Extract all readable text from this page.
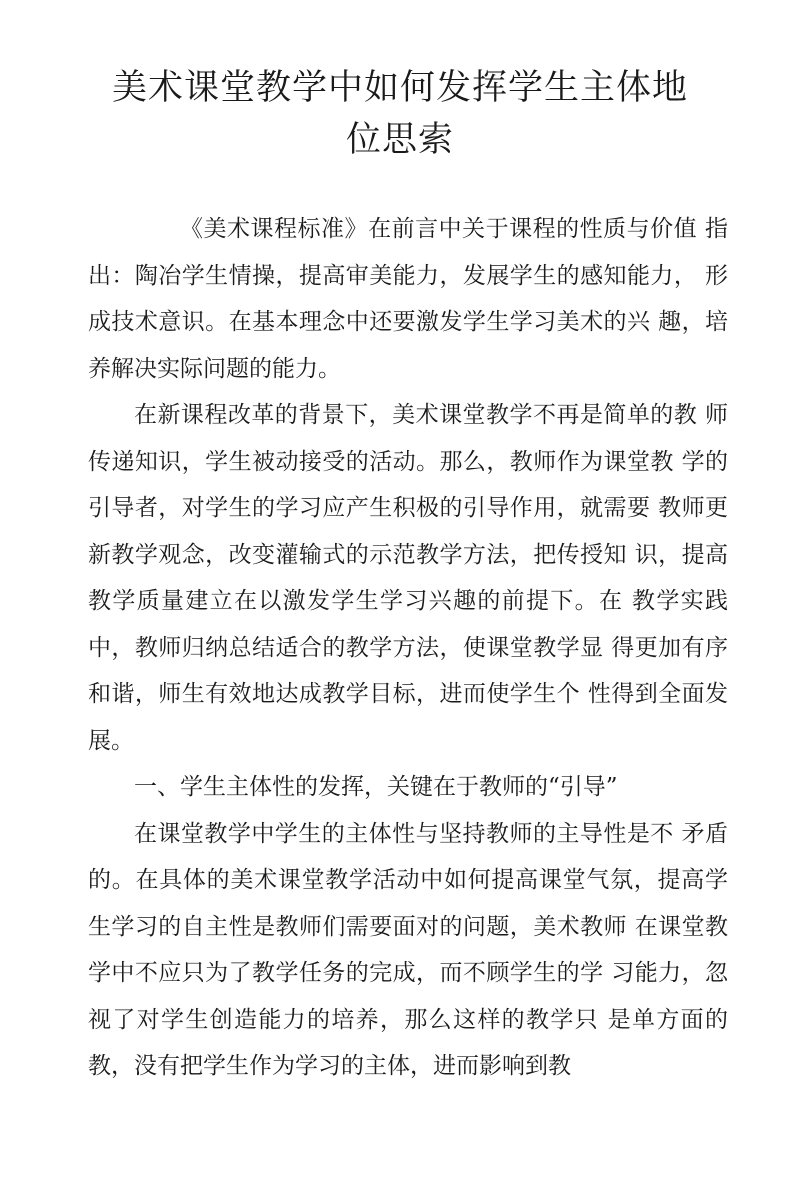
美术课堂教学中如何发挥学生主体地位思索

《美术课程标准》在前言中关于课程的性质与价值 指出：陶冶学生情操，提高审美能力，发展学生的感知能力， 形成技术意识。在基本理念中还要激发学生学习美术的兴 趣，培养解决实际问题的能力。

在新课程改革的背景下，美术课堂教学不再是简单的教 师传递知识，学生被动接受的活动。那么，教师作为课堂教 学的引导者，对学生的学习应产生积极的引导作用，就需要 教师更新教学观念，改变灌输式的示范教学方法，把传授知 识，提高教学质量建立在以激发学生学习兴趣的前提下。在 教学实践中，教师归纳总结适合的教学方法，使课堂教学显 得更加有序和谐，师生有效地达成教学目标，进而使学生个 性得到全面发展。

一、学生主体性的发挥，关键在于教师的“引导”

在课堂教学中学生的主体性与坚持教师的主导性是不 矛盾的。在具体的美术课堂教学活动中如何提高课堂气氛，提高学生学习的自主性是教师们需要面对的问题，美术教师 在课堂教学中不应只为了教学任务的完成，而不顾学生的学 习能力，忽视了对学生创造能力的培养，那么这样的教学只 是单方面的教，没有把学生作为学习的主体，进而影响到教
